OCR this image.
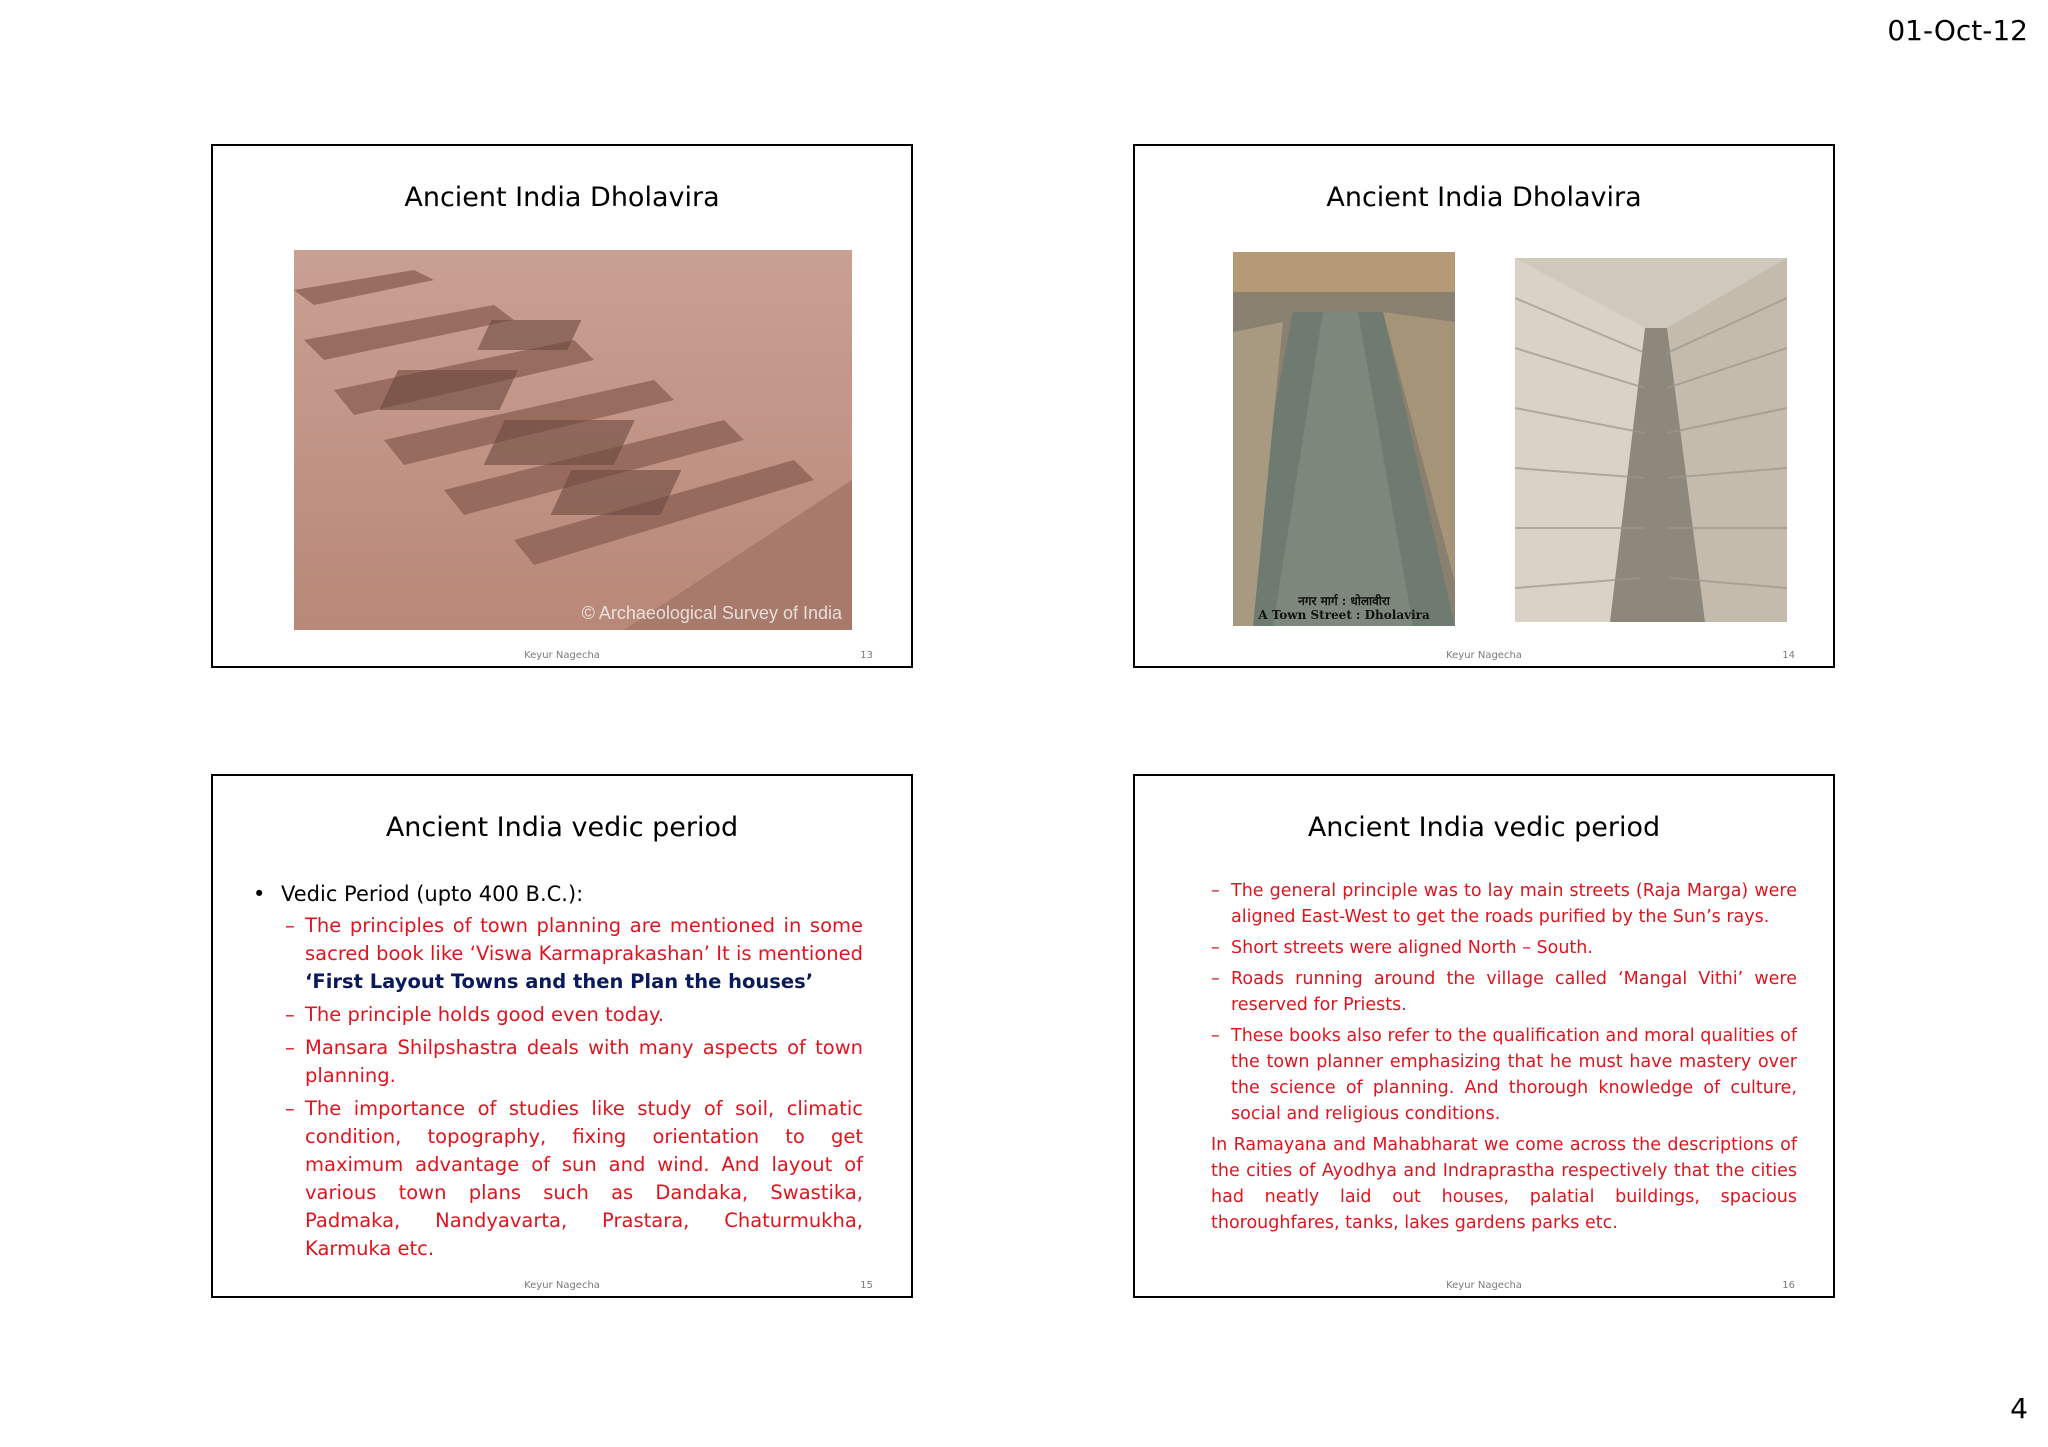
01-Oct-12
Ancient India Dholavira
© Archaeological Survey of India
Keyur Nagecha	13
Ancient India Dholavira
नगर मार्ग : धोलावीरा
A Town Street : Dholavira
Keyur Nagecha	14
Ancient India vedic period
• Vedic Period (upto 400 B.C.):
– The principles of town planning are mentioned in some sacred book like ‘Viswa Karmaprakashan’ It is mentioned ‘First Layout Towns and then Plan the houses’
– The principle holds good even today.
– Mansara Shilpshastra deals with many aspects of town planning.
– The importance of studies like study of soil, climatic condition, topography, fixing orientation to get maximum advantage of sun and wind. And layout of various town plans such as Dandaka, Swastika, Padmaka, Nandyavarta, Prastara, Chaturmukha, Karmuka etc.
Keyur Nagecha	15
Ancient India vedic period
– The general principle was to lay main streets (Raja Marga) were aligned East-West to get the roads purified by the Sun’s rays.
– Short streets were aligned North – South.
– Roads running around the village called ‘Mangal Vithi’ were reserved for Priests.
– These books also refer to the qualification and moral qualities of the town planner emphasizing that he must have mastery over the science of planning. And thorough knowledge of culture, social and religious conditions.
In Ramayana and Mahabharat we come across the descriptions of the cities of Ayodhya and Indraprastha respectively that the cities had neatly laid out houses, palatial buildings, spacious thoroughfares, tanks, lakes gardens parks etc.
Keyur Nagecha	16
4
